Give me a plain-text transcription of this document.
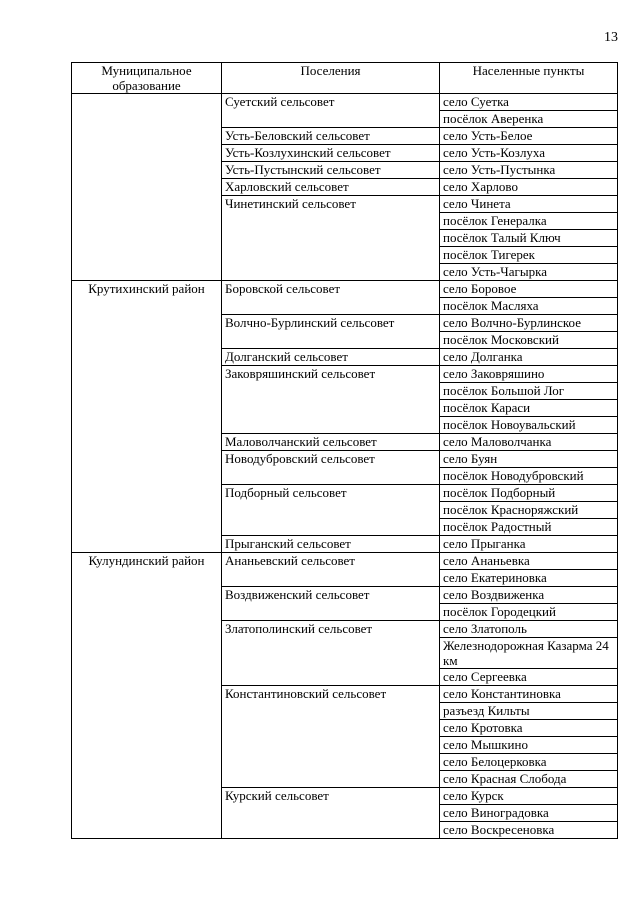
13
Муниципальное образование	Поселения	Населенные пункты
	Суетский сельсовет	село Суетка
		посёлок Аверенка
	Усть-Беловский сельсовет	село Усть-Белое
	Усть-Козлухинский сельсовет	село Усть-Козлуха
	Усть-Пустынский сельсовет	село Усть-Пустынка
	Харловский сельсовет	село Харлово
	Чинетинский сельсовет	село Чинета
		посёлок Генералка
		посёлок Талый Ключ
		посёлок Тигерек
		село Усть-Чагырка
Крутихинский район	Боровской сельсовет	село Боровое
		посёлок Масляха
	Волчно-Бурлинский сельсовет	село Волчно-Бурлинское
		посёлок Московский
	Долганский сельсовет	село Долганка
	Заковряшинский сельсовет	село Заковряшино
		посёлок Большой Лог
		посёлок Караси
		посёлок Новоувальский
	Маловолчанский сельсовет	село Маловолчанка
	Новодубровский сельсовет	село Буян
		посёлок Новодубровский
	Подборный сельсовет	посёлок Подборный
		посёлок Красноряжский
		посёлок Радостный
	Прыганский сельсовет	село Прыганка
Кулундинский район	Ананьевский сельсовет	село Ананьевка
		село Екатериновка
	Воздвиженский сельсовет	село Воздвиженка
		посёлок Городецкий
	Златополинский сельсовет	село Златополь
		Железнодорожная Казарма 24 км
		село Сергеевка
	Константиновский сельсовет	село Константиновка
		разъезд Кильты
		село Кротовка
		село Мышкино
		село Белоцерковка
		село Красная Слобода
	Курский сельсовет	село Курск
		село Виноградовка
		село Воскресеновка
